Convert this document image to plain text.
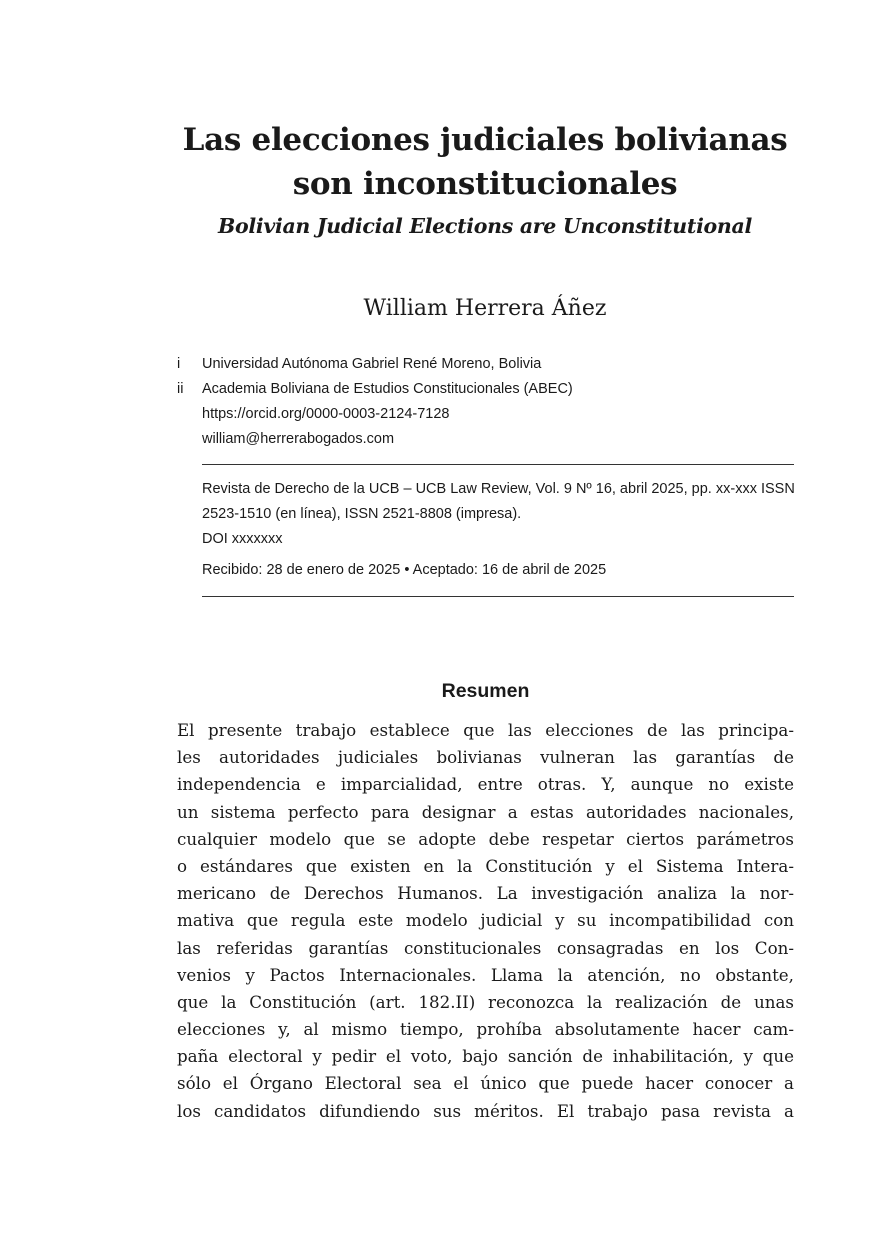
Las elecciones judiciales bolivianas
son inconstitucionales
Bolivian Judicial Elections are Unconstitutional
William Herrera Áñez
i Universidad Autónoma Gabriel René Moreno, Bolivia
ii Academia Boliviana de Estudios Constitucionales (ABEC)
https://orcid.org/0000-0003-2124-7128
william@herrerabogados.com

Revista de Derecho de la UCB – UCB Law Review, Vol. 9 Nº 16, abril 2025, pp. xx-xxx ISSN 2523-1510 (en línea), ISSN 2521-8808 (impresa).

DOI xxxxxxx

Recibido: 28 de enero de 2025 • Aceptado: 16 de abril de 2025

Resumen
El presente trabajo establece que las elecciones de las principa-
les autoridades judiciales bolivianas vulneran las garantías de
independencia e imparcialidad, entre otras. Y, aunque no existe
un sistema perfecto para designar a estas autoridades nacionales,
cualquier modelo que se adopte debe respetar ciertos parámetros
o estándares que existen en la Constitución y el Sistema Intera-
mericano de Derechos Humanos. La investigación analiza la nor-
mativa que regula este modelo judicial y su incompatibilidad con
las referidas garantías constitucionales consagradas en los Con-
venios y Pactos Internacionales. Llama la atención, no obstante,
que la Constitución (art. 182.II) reconozca la realización de unas
elecciones y, al mismo tiempo, prohíba absolutamente hacer cam-
paña electoral y pedir el voto, bajo sanción de inhabilitación, y que
sólo el Órgano Electoral sea el único que puede hacer conocer a
los candidatos difundiendo sus méritos. El trabajo pasa revista a
